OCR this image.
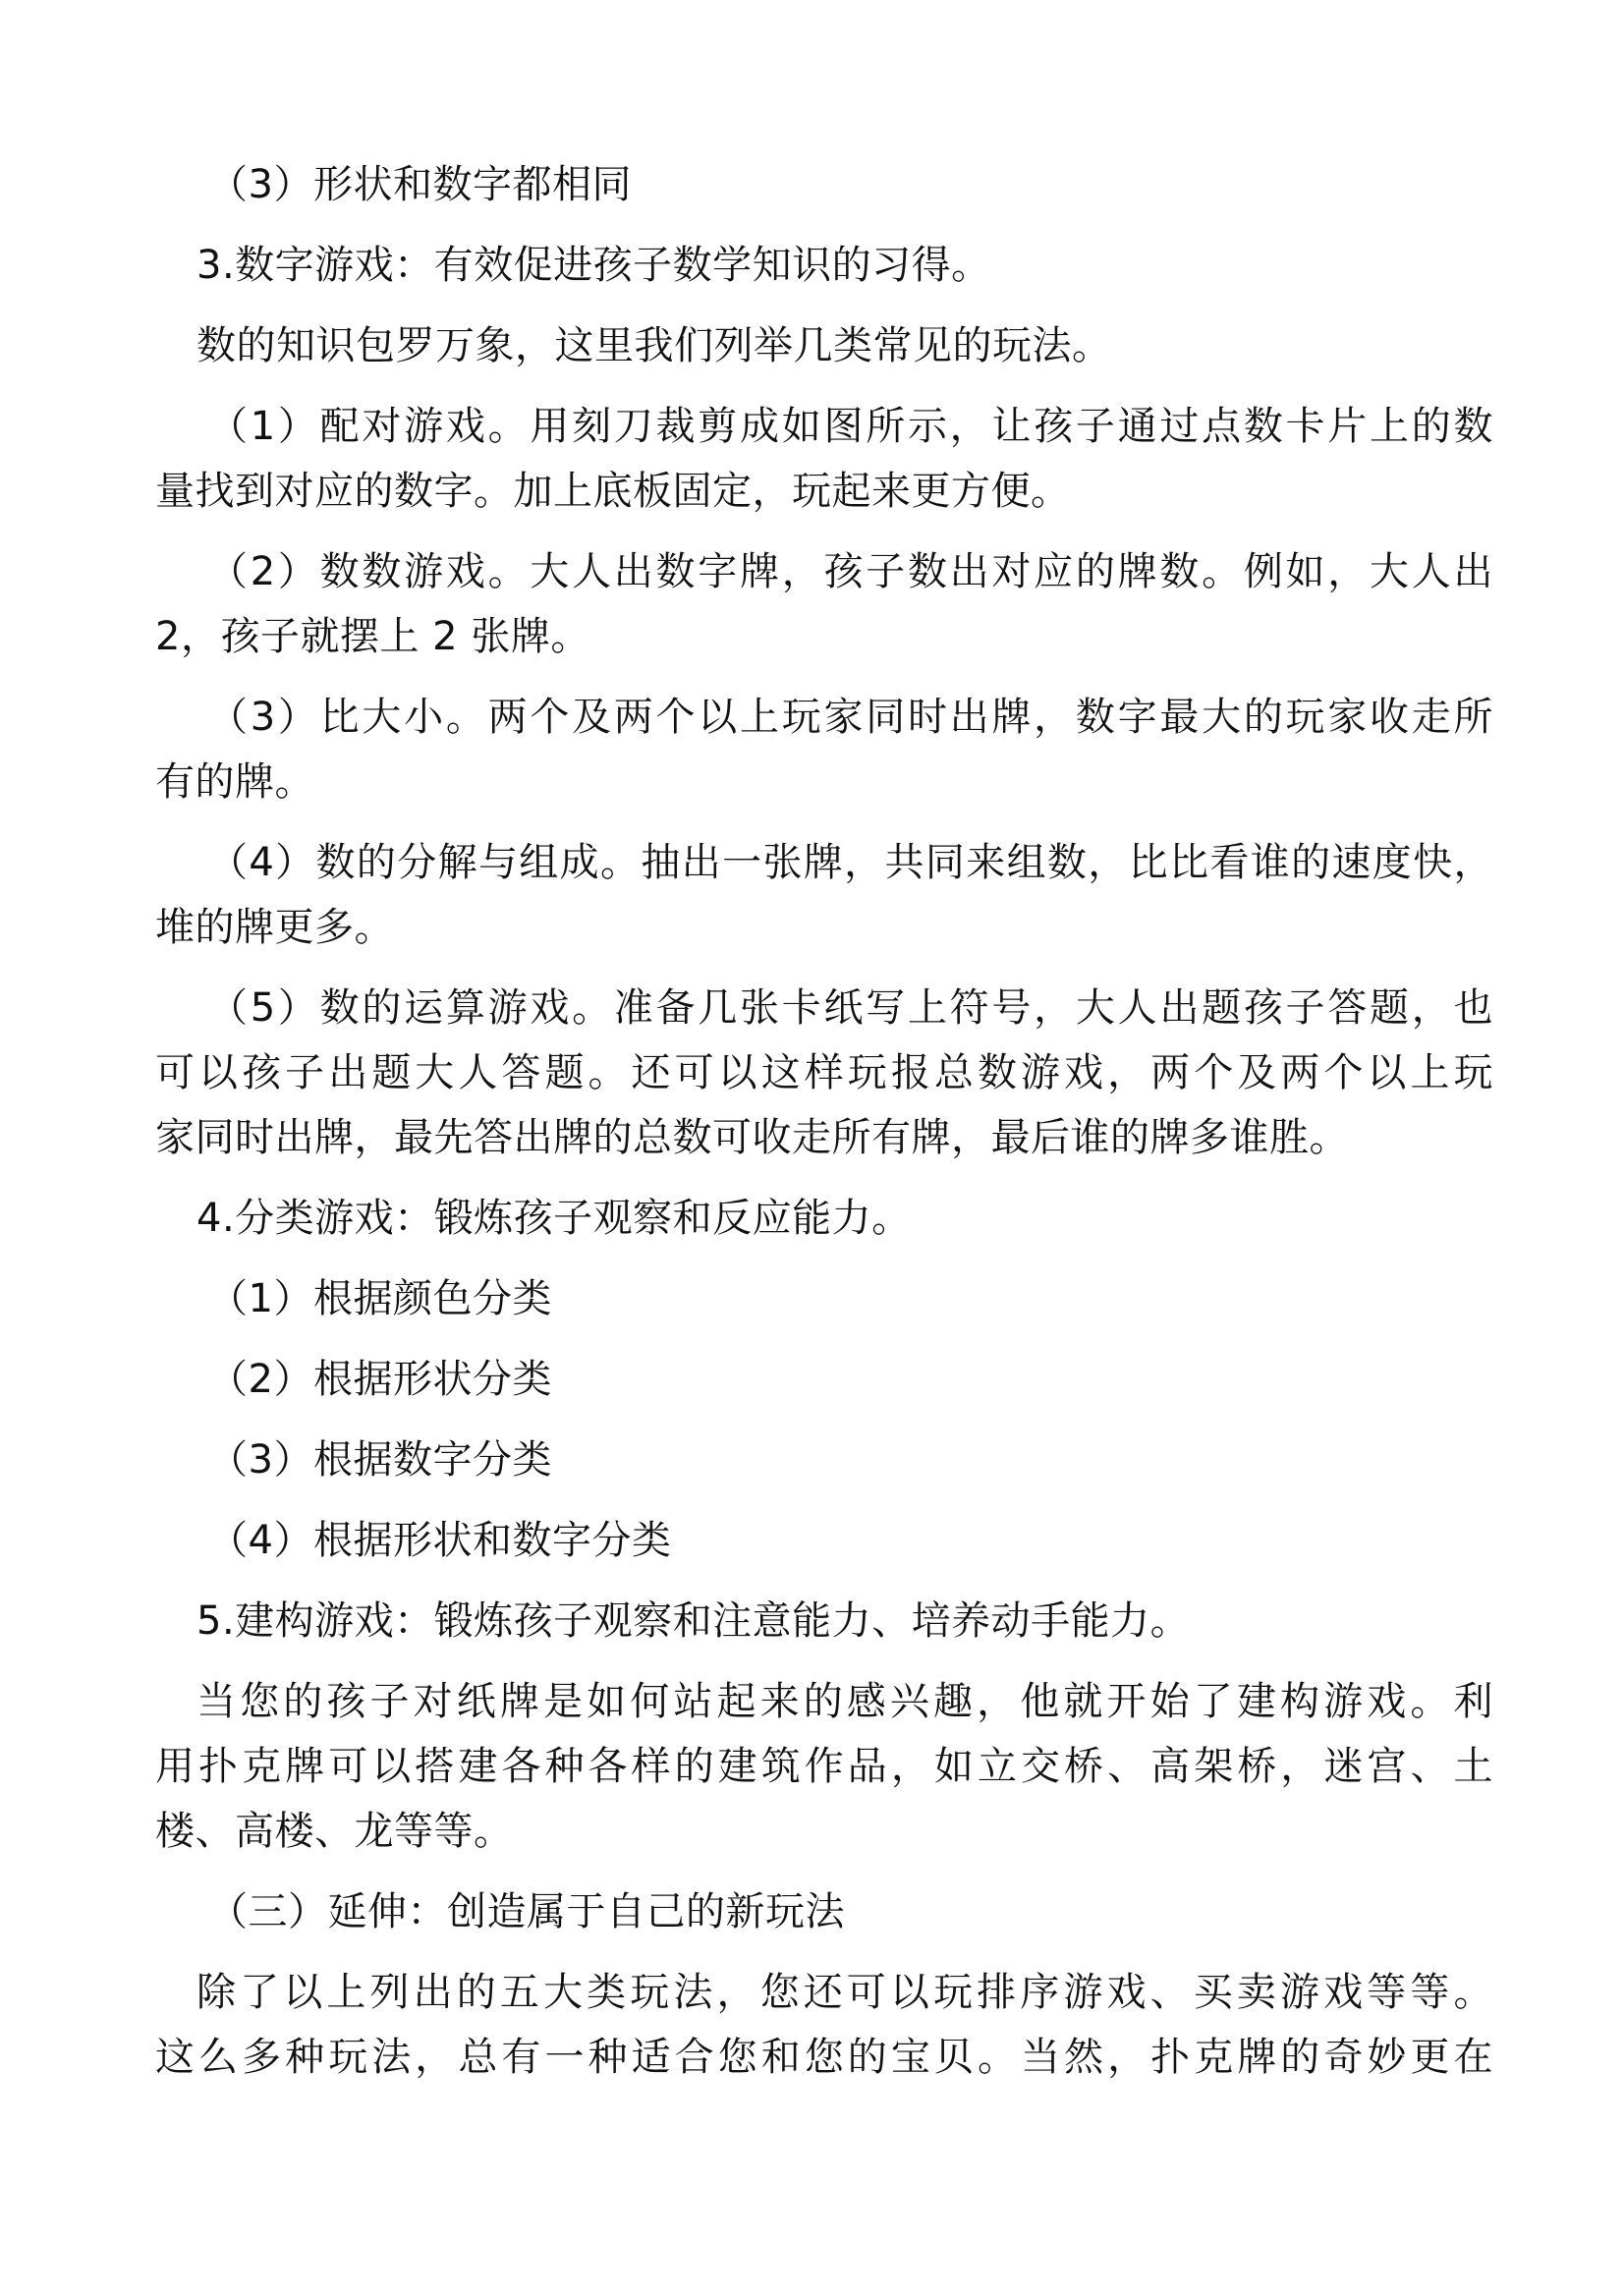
（3）形状和数字都相同
3.数字游戏：有效促进孩子数学知识的习得。
数的知识包罗万象，这里我们列举几类常见的玩法。
（1）配对游戏。用刻刀裁剪成如图所示，让孩子通过点数卡片上的数
量找到对应的数字。加上底板固定，玩起来更方便。
（2）数数游戏。大人出数字牌，孩子数出对应的牌数。例如，大人出
2，孩子就摆上 2 张牌。
（3）比大小。两个及两个以上玩家同时出牌，数字最大的玩家收走所
有的牌。
（4）数的分解与组成。抽出一张牌，共同来组数，比比看谁的速度快，
堆的牌更多。
（5）数的运算游戏。准备几张卡纸写上符号，大人出题孩子答题，也
可以孩子出题大人答题。还可以这样玩报总数游戏，两个及两个以上玩
家同时出牌，最先答出牌的总数可收走所有牌，最后谁的牌多谁胜。
4.分类游戏：锻炼孩子观察和反应能力。
（1）根据颜色分类
（2）根据形状分类
（3）根据数字分类
（4）根据形状和数字分类
5.建构游戏：锻炼孩子观察和注意能力、培养动手能力。
当您的孩子对纸牌是如何站起来的感兴趣，他就开始了建构游戏。利
用扑克牌可以搭建各种各样的建筑作品，如立交桥、高架桥，迷宫、土
楼、高楼、龙等等。
（三）延伸：创造属于自己的新玩法
除了以上列出的五大类玩法，您还可以玩排序游戏、买卖游戏等等。
这么多种玩法，总有一种适合您和您的宝贝。当然，扑克牌的奇妙更在
